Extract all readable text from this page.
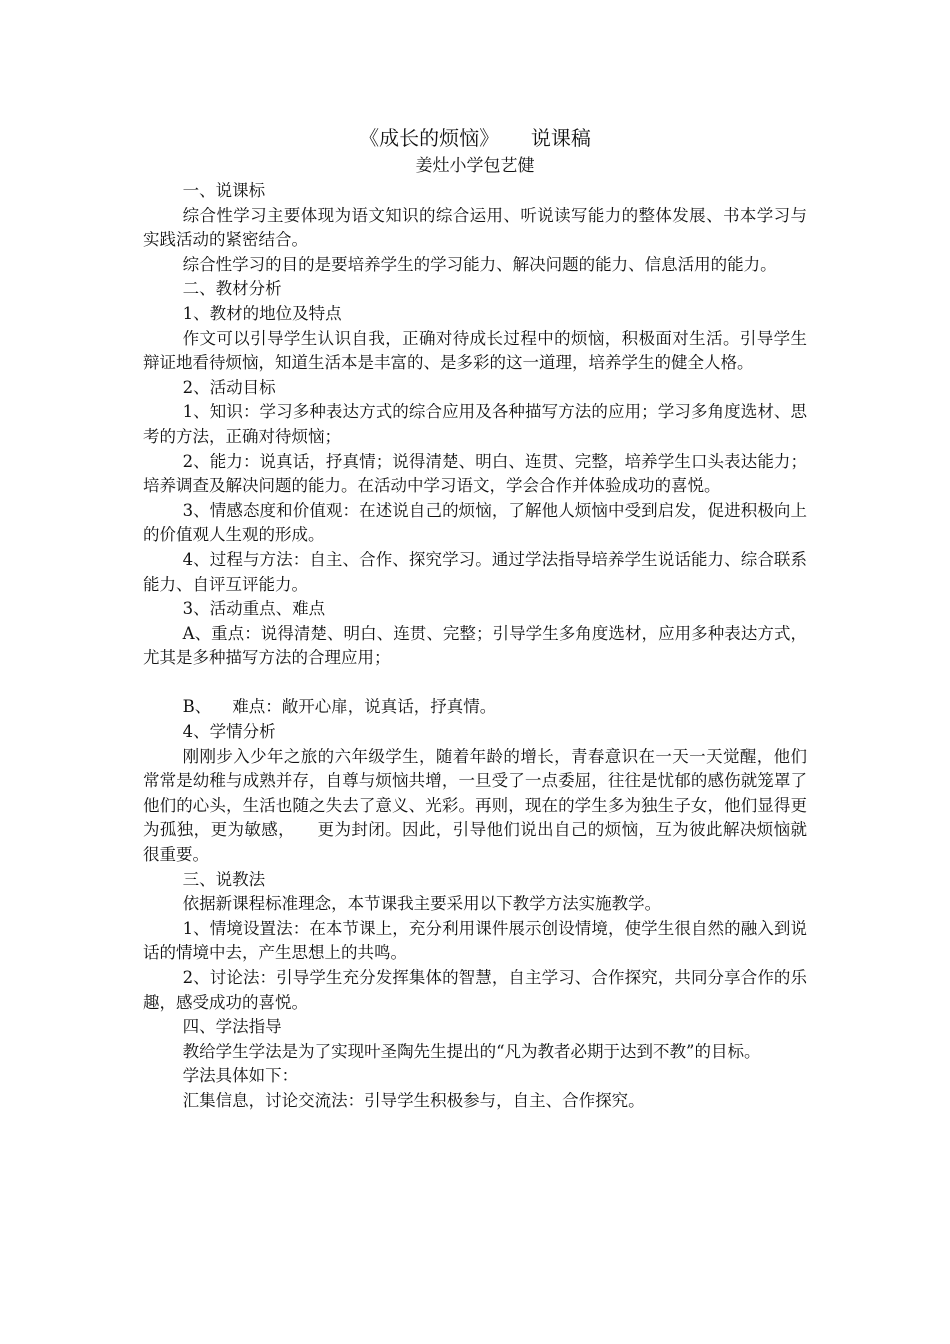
《成长的烦恼》     说课稿
姜灶小学包艺健
一、说课标
综合性学习主要体现为语文知识的综合运用、听说读写能力的整体发展、书本学习与实践活动的紧密结合。
综合性学习的目的是要培养学生的学习能力、解决问题的能力、信息活用的能力。
二、教材分析
1、教材的地位及特点
作文可以引导学生认识自我，正确对待成长过程中的烦恼，积极面对生活。引导学生辩证地看待烦恼，知道生活本是丰富的、是多彩的这一道理，培养学生的健全人格。
2、活动目标
1、知识：学习多种表达方式的综合应用及各种描写方法的应用；学习多角度选材、思考的方法，正确对待烦恼；
2、能力：说真话，抒真情；说得清楚、明白、连贯、完整，培养学生口头表达能力；培养调查及解决问题的能力。在活动中学习语文，学会合作并体验成功的喜悦。
3、情感态度和价值观：在述说自己的烦恼，了解他人烦恼中受到启发，促进积极向上的价值观人生观的形成。
4、过程与方法：自主、合作、探究学习。通过学法指导培养学生说话能力、综合联系能力、自评互评能力。
3、活动重点、难点
A、重点：说得清楚、明白、连贯、完整；引导学生多角度选材，应用多种表达方式，尤其是多种描写方法的合理应用；
B、    难点：敞开心扉，说真话，抒真情。
4、学情分析
刚刚步入少年之旅的六年级学生，随着年龄的增长，青春意识在一天一天觉醒，他们常常是幼稚与成熟并存，自尊与烦恼共增，一旦受了一点委屈，往往是忧郁的感伤就笼罩了他们的心头，生活也随之失去了意义、光彩。再则，现在的学生多为独生子女，他们显得更为孤独，更为敏感，    更为封闭。因此，引导他们说出自己的烦恼，互为彼此解决烦恼就很重要。
三、说教法
依据新课程标准理念，本节课我主要采用以下教学方法实施教学。
1、情境设置法：在本节课上，充分利用课件展示创设情境，使学生很自然的融入到说话的情境中去，产生思想上的共鸣。
2、讨论法：引导学生充分发挥集体的智慧，自主学习、合作探究，共同分享合作的乐趣，感受成功的喜悦。
四、学法指导
教给学生学法是为了实现叶圣陶先生提出的“凡为教者必期于达到不教”的目标。
学法具体如下：
汇集信息，讨论交流法：引导学生积极参与，自主、合作探究。
